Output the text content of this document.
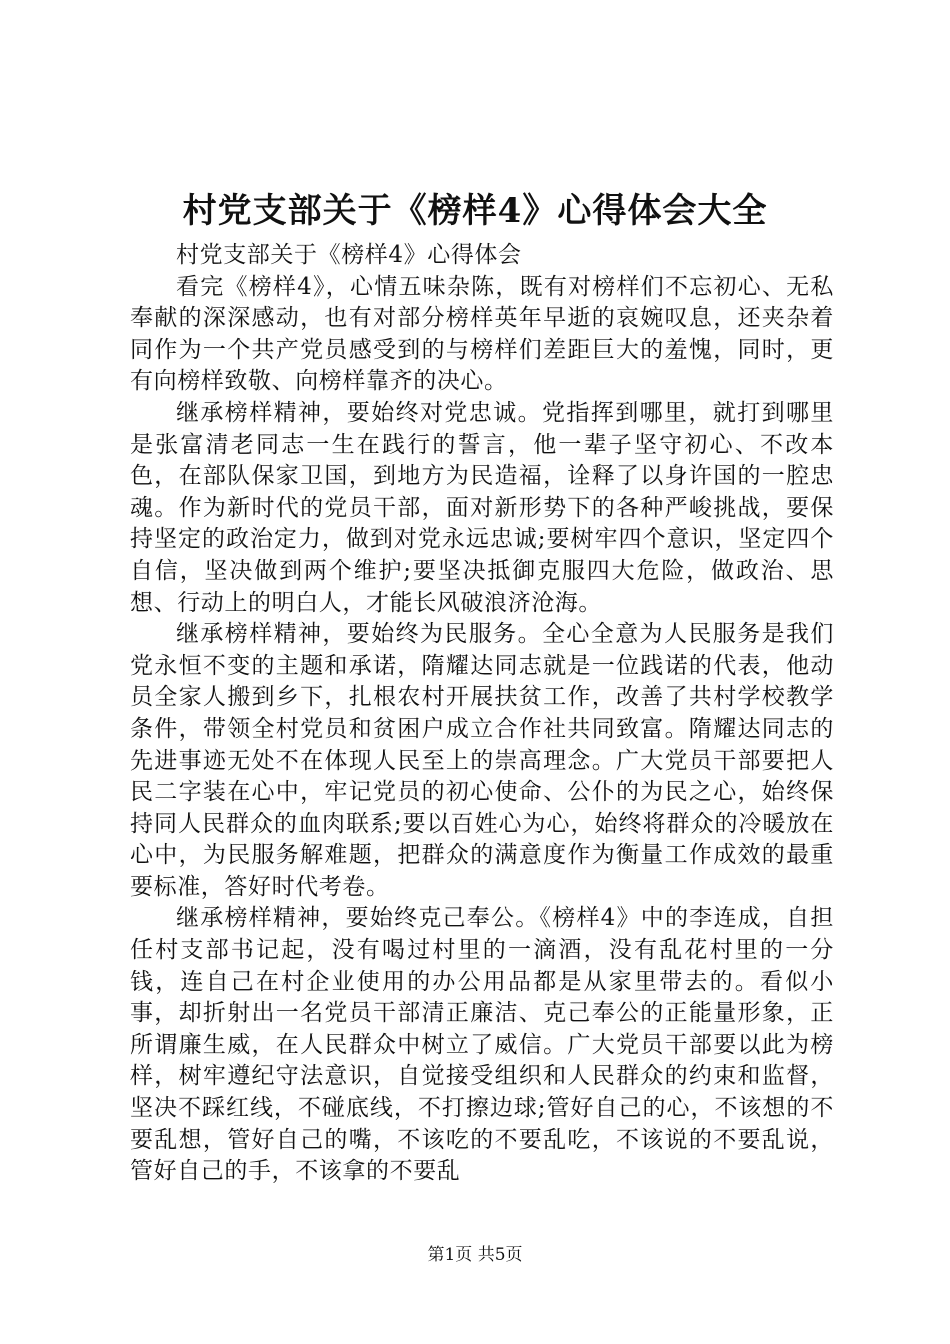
村党支部关于《榜样4》心得体会大全

村党支部关于《榜样4》心得体会

看完《榜样4》，心情五味杂陈，既有对榜样们不忘初心、无私奉献的深深感动，也有对部分榜样英年早逝的哀婉叹息，还夹杂着同作为一个共产党员感受到的与榜样们差距巨大的羞愧，同时，更有向榜样致敬、向榜样靠齐的决心。

继承榜样精神，要始终对党忠诚。党指挥到哪里，就打到哪里是张富清老同志一生在践行的誓言，他一辈子坚守初心、不改本色，在部队保家卫国，到地方为民造福，诠释了以身许国的一腔忠魂。作为新时代的党员干部，面对新形势下的各种严峻挑战，要保持坚定的政治定力，做到对党永远忠诚;要树牢四个意识，坚定四个自信，坚决做到两个维护;要坚决抵御克服四大危险，做政治、思想、行动上的明白人，才能长风破浪济沧海。

继承榜样精神，要始终为民服务。全心全意为人民服务是我们党永恒不变的主题和承诺，隋耀达同志就是一位践诺的代表，他动员全家人搬到乡下，扎根农村开展扶贫工作，改善了共村学校教学条件，带领全村党员和贫困户成立合作社共同致富。隋耀达同志的先进事迹无处不在体现人民至上的崇高理念。广大党员干部要把人民二字装在心中，牢记党员的初心使命、公仆的为民之心，始终保持同人民群众的血肉联系;要以百姓心为心，始终将群众的冷暖放在心中，为民服务解难题，把群众的满意度作为衡量工作成效的最重要标准，答好时代考卷。

继承榜样精神，要始终克己奉公。《榜样4》中的李连成，自担任村支部书记起，没有喝过村里的一滴酒，没有乱花村里的一分钱，连自己在村企业使用的办公用品都是从家里带去的。看似小事，却折射出一名党员干部清正廉洁、克己奉公的正能量形象，正所谓廉生威，在人民群众中树立了威信。广大党员干部要以此为榜样，树牢遵纪守法意识，自觉接受组织和人民群众的约束和监督，坚决不踩红线，不碰底线，不打擦边球;管好自己的心，不该想的不要乱想，管好自己的嘴，不该吃的不要乱吃，不该说的不要乱说，管好自己的手，不该拿的不要乱

第1页 共5页
